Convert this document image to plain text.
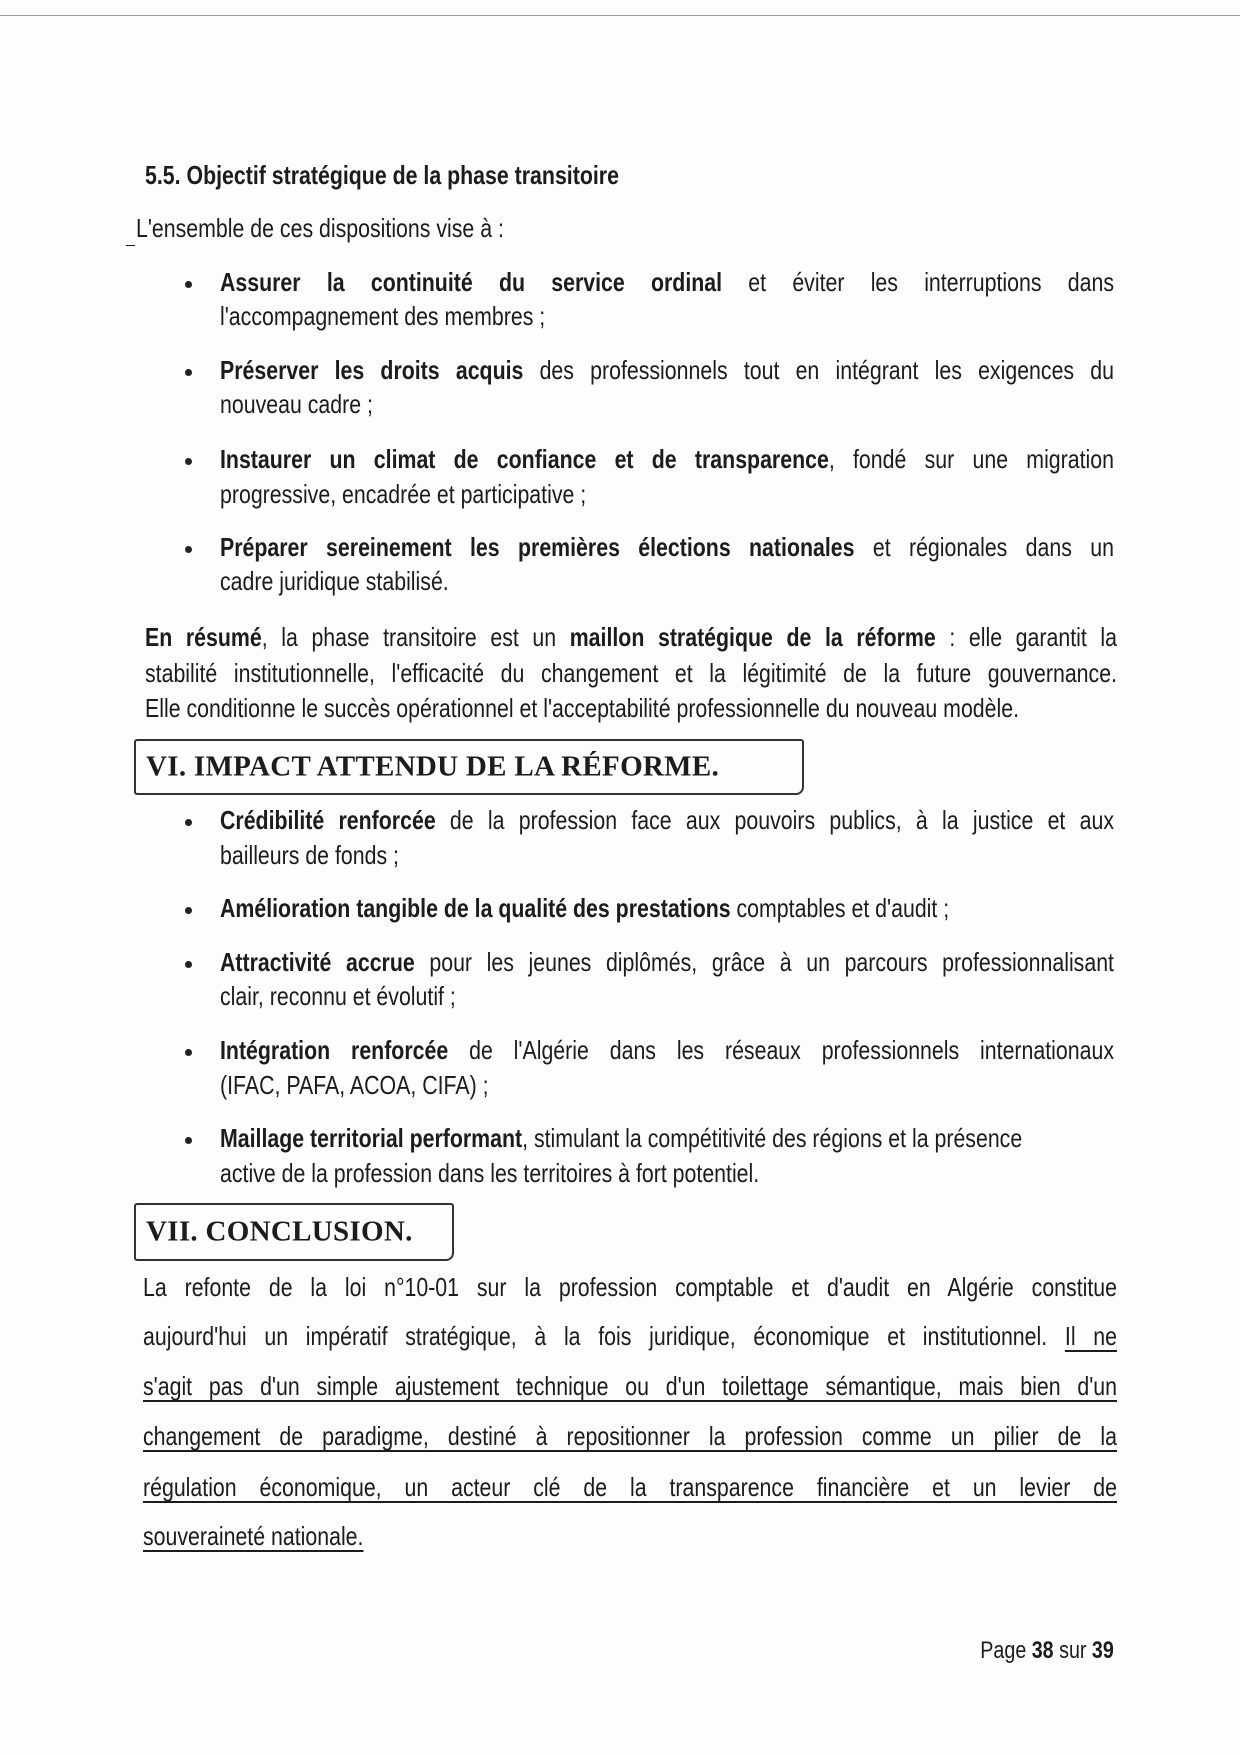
_
VI. IMPACT ATTENDU DE LA RÉFORME.
VII. CONCLUSION.
Page 38 sur 39
5.5. Objectif stratégique de la phase transitoire
L'ensemble de ces dispositions vise à :
Assurer la continuité du service ordinal et éviter les interruptions dans
l'accompagnement des membres ;
Préserver les droits acquis des professionnels tout en intégrant les exigences du
nouveau cadre ;
Instaurer un climat de confiance et de transparence, fondé sur une migration
progressive, encadrée et participative ;
Préparer sereinement les premières élections nationales et régionales dans un
cadre juridique stabilisé.
En résumé, la phase transitoire est un maillon stratégique de la réforme : elle garantit la
stabilité institutionnelle, l'efficacité du changement et la légitimité de la future gouvernance.
Elle conditionne le succès opérationnel et l'acceptabilité professionnelle du nouveau modèle.
Crédibilité renforcée de la profession face aux pouvoirs publics, à la justice et aux
bailleurs de fonds ;
Amélioration tangible de la qualité des prestations comptables et d'audit ;
Attractivité accrue pour les jeunes diplômés, grâce à un parcours professionnalisant
clair, reconnu et évolutif ;
Intégration renforcée de l'Algérie dans les réseaux professionnels internationaux
(IFAC, PAFA, ACOA, CIFA) ;
Maillage territorial performant, stimulant la compétitivité des régions et la présence
active de la profession dans les territoires à fort potentiel.
La refonte de la loi n°10-01 sur la profession comptable et d'audit en Algérie constitue
aujourd'hui un impératif stratégique, à la fois juridique, économique et institutionnel. Il ne
s'agit pas d'un simple ajustement technique ou d'un toilettage sémantique, mais bien d'un
changement de paradigme, destiné à repositionner la profession comme un pilier de la
régulation économique, un acteur clé de la transparence financière et un levier de
souveraineté nationale.
